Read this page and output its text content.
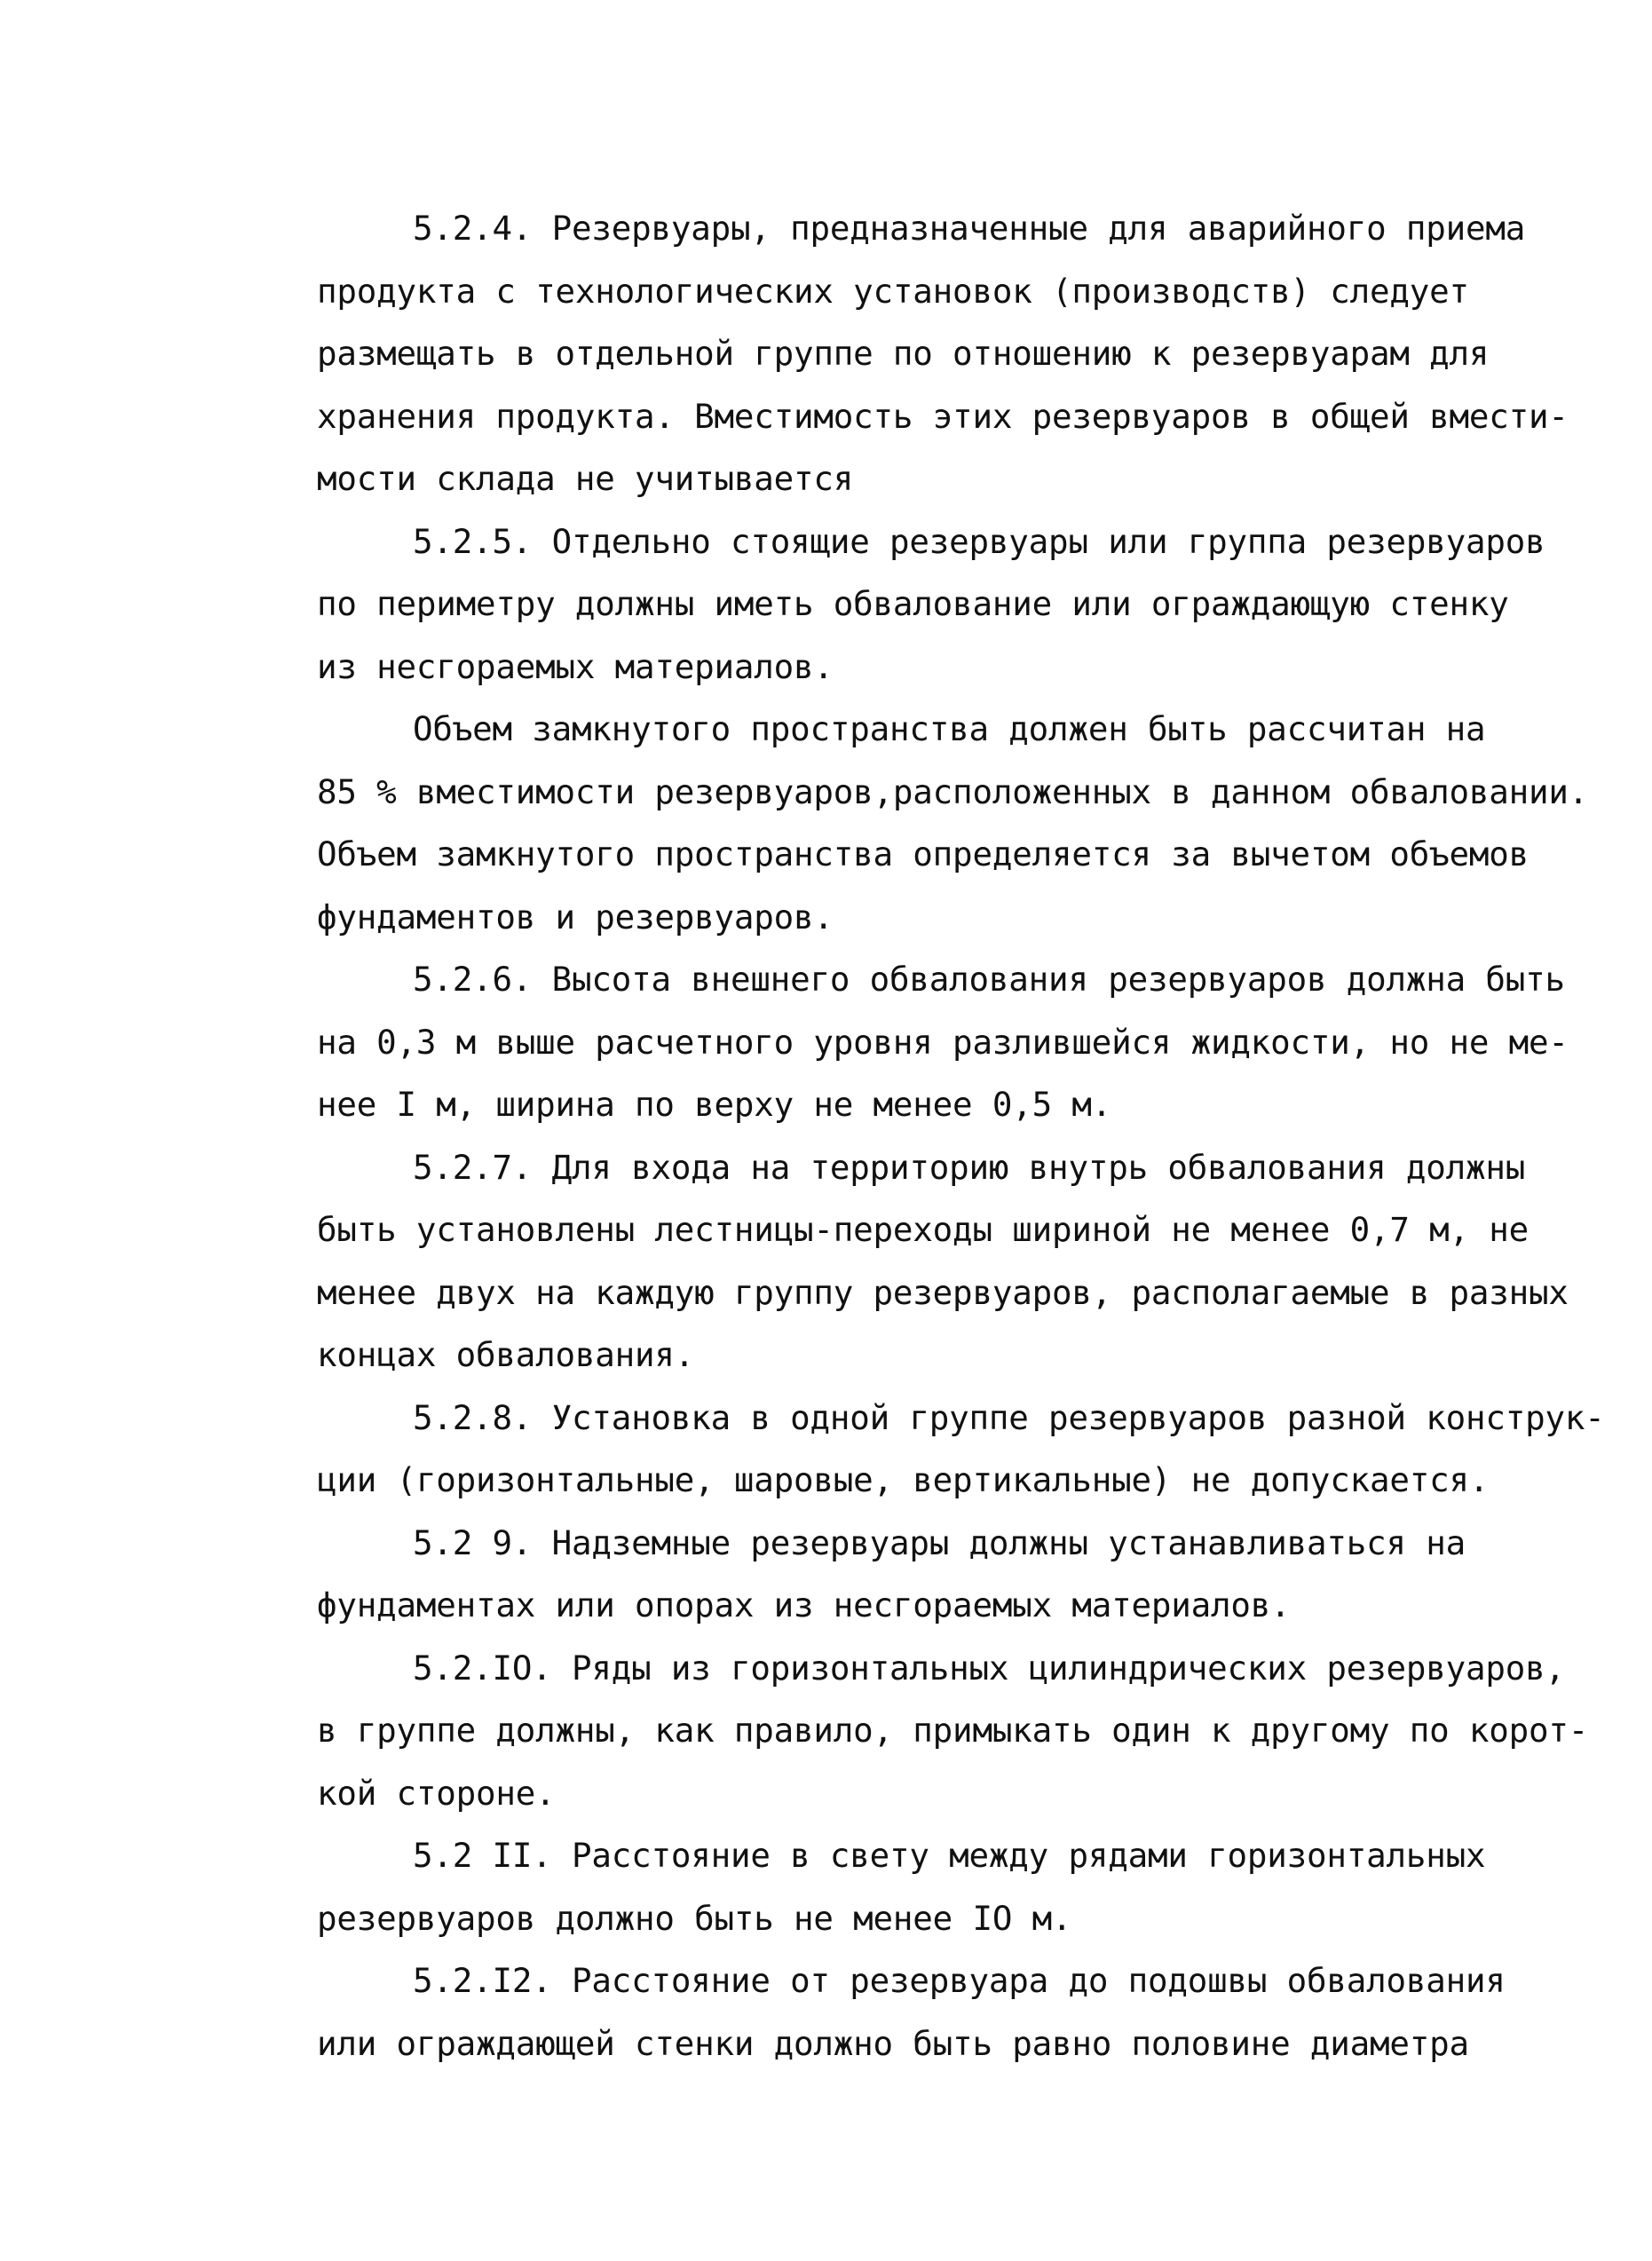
5.2.4. Резервуары, предназначенные для аварийного приема
продукта с технологических установок (производств) следует
размещать в отдельной группе по отношению к резервуарам для
хранения продукта. Вместимость этих резервуаров в общей вмести-
мости склада не учитывается
5.2.5. Отдельно стоящие резервуары или группа резервуаров
по периметру должны иметь обвалование или ограждающую стенку
из несгораемых материалов.
Объем замкнутого пространства должен быть рассчитан на
85 % вместимости резервуаров,расположенных в данном обваловании.
Объем замкнутого пространства определяется за вычетом объемов
фундаментов и резервуаров.
5.2.6. Высота внешнего обвалования резервуаров должна быть
на 0,3 м выше расчетного уровня разлившейся жидкости, но не ме-
нее I м, ширина по верху не менее 0,5 м.
5.2.7. Для входа на территорию внутрь обвалования должны
быть установлены лестницы-переходы шириной не менее 0,7 м, не
менее двух на каждую группу резервуаров, располагаемые в разных
концах обвалования.
5.2.8. Установка в одной группе резервуаров разной конструк-
ции (горизонтальные, шаровые, вертикальные) не допускается.
5.2 9. Надземные резервуары должны устанавливаться на
фундаментах или опорах из несгораемых материалов.
5.2.IO. Ряды из горизонтальных цилиндрических резервуаров,
в группе должны, как правило, примыкать один к другому по корот-
кой стороне.
5.2 II. Расстояние в свету между рядами горизонтальных
резервуаров должно быть не менее IO м.
5.2.I2. Расстояние от резервуара до подошвы обвалования
или ограждающей стенки должно быть равно половине диаметра
